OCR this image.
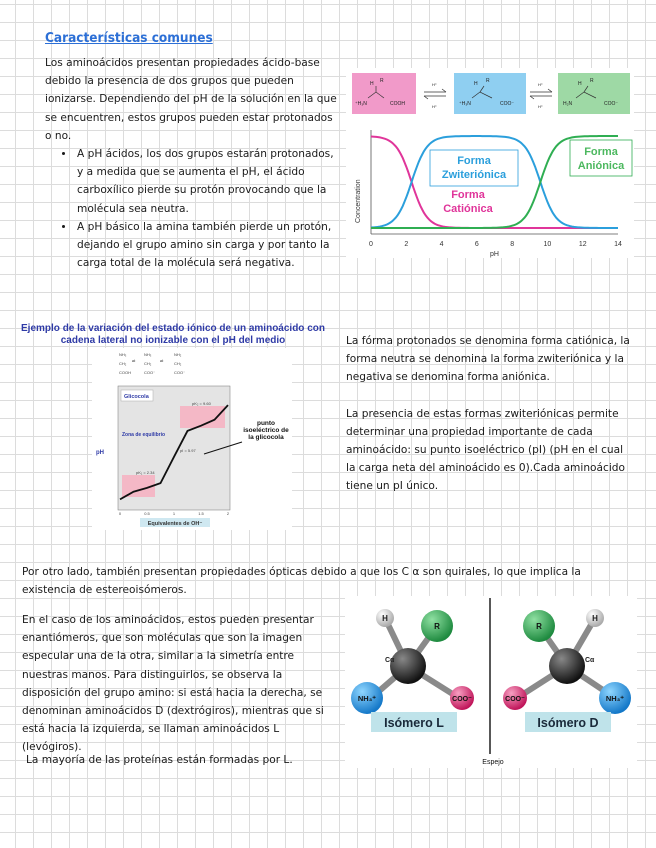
Características comunes
Los aminoácidos presentan propiedades ácido-base debido la presencia de dos grupos que pueden ionizarse. Dependiendo del pH de la solución en la que se encuentren, estos grupos pueden estar protonados o no.
• A pH ácidos, los dos grupos estarán protonados, y a medida que se aumenta el pH, el ácido carboxílico pierde su protón provocando que la molécula sea neutra.
• A pH básico la amina también pierde un protón, dejando el grupo amino sin carga y por tanto la carga total de la molécula será negativa.
H R
⁺H₃N	COOH
H R
⁺H₃N	COO⁻
H R
H₂N	COO⁻
H⁺
H⁺
H⁺
H⁺
Concentration
pH
0	2	4	6	8	10	12	14
Forma
Zwiteriónica
Forma
Catiónica
Forma
Aniónica
Ejemplo de la variación del estado iónico de un aminoácido con cadena lateral no ionizable con el pH del medio
NH₃	NH₃	NH₂
CH₂	CH₂	CH₂
COOH	COO⁻	COO⁻
⇌	⇌
Glicocola
pK₁ = 2.34
pK₂ = 9.60
pI = 5.97
Zona de equilibrio
pH
punto isoeléctrico de la glicocola
0	0.5	1	1.5	2
Equivalentes de OH⁻
La fórma protonados se denomina forma catiónica, la forma neutra se denomina la forma zwiteriónica y la negativa se denomina forma aniónica.
La presencia de estas formas zwiteriónicas permite determinar una propiedad importante de cada aminoácido: su punto isoeléctrico (pI) (pH en el cual la carga neta del aminoácido es 0).Cada aminoácido tiene un pI único.
Por otro lado, también presentan propiedades ópticas debido a que los C α son quirales, lo que implica la existencia de estereoisómeros.
En el caso de los aminoácidos, estos pueden presentar enantiómeros, que son moléculas que son la imagen especular una de la otra, similar a la simetría entre nuestras manos. Para distinguirlos, se observa la disposición del grupo amino: si está hacia la derecha, se denominan aminoácidos D (dextrógiros), mientras que si está hacia la izquierda, se llaman aminoácidos L (levógiros).
La mayoría de las proteínas están formadas por L.	Espejo
H
R
Cα
NH₃⁺	COO⁻
Isómero L
H
R
Cα
NH₃⁺
COO⁻
Isómero D
